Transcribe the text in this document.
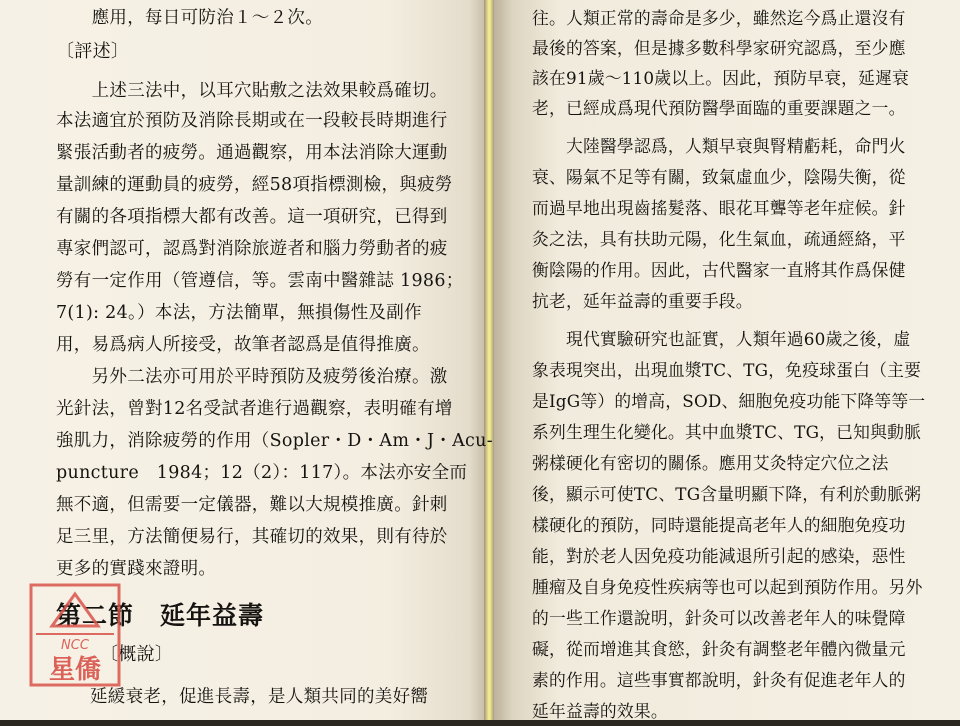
　　應用，每日可防治１～２次。
〔評述〕
　　上述三法中，以耳穴貼敷之法效果較爲確切。
本法適宜於預防及消除長期或在一段較長時期進行
緊張活動者的疲勞。通過觀察，用本法消除大運動
量訓練的運動員的疲勞，經58項指標測檢，與疲勞
有關的各項指標大都有改善。這一項研究，已得到
專家們認可，認爲對消除旅遊者和腦力勞動者的疲
勞有一定作用（管遵信，等。雲南中醫雜誌 1986；
7(1): 24。）本法，方法簡單，無損傷性及副作
用，易爲病人所接受，故筆者認爲是值得推廣。
　　另外二法亦可用於平時預防及疲勞後治療。激
光針法，曾對12名受試者進行過觀察，表明確有增
強肌力，消除疲勞的作用（Sopler・D・Am・J・Acu-
puncture　1984；12（2）：117）。本法亦安全而
無不適，但需要一定儀器，難以大規模推廣。針刺
足三里，方法簡便易行，其確切的效果，則有待於
更多的實踐來證明。
第二節 延年益壽
〔概說〕
延緩衰老，促進長壽，是人類共同的美好嚮
往。人類正常的壽命是多少，雖然迄今爲止還沒有
最後的答案，但是據多數科學家研究認爲，至少應
該在91歲～110歲以上。因此，預防早衰，延遲衰
老，已經成爲現代預防醫學面臨的重要課題之一。
　　大陸醫學認爲，人類早衰與腎精虧耗，命門火
衰、陽氣不足等有關，致氣虛血少，陰陽失衡，從
而過早地出現齒搖髮落、眼花耳聾等老年症候。針
灸之法，具有扶助元陽，化生氣血，疏通經絡，平
衡陰陽的作用。因此，古代醫家一直將其作爲保健
抗老，延年益壽的重要手段。
　　現代實驗研究也証實，人類年過60歲之後，虛
象表現突出，出現血漿TC、TG，免疫球蛋白（主要
是IgG等）的增高，SOD、細胞免疫功能下降等等一
系列生理生化變化。其中血漿TC、TG，已知與動脈
粥樣硬化有密切的關係。應用艾灸特定穴位之法
後，顯示可使TC、TG含量明顯下降，有利於動脈粥
樣硬化的預防，同時還能提高老年人的細胞免疫功
能，對於老人因免疫功能減退所引起的感染，惡性
腫瘤及自身免疫性疾病等也可以起到預防作用。另外
的一些工作還說明，針灸可以改善老年人的味覺障
礙，從而增進其食慾，針灸有調整老年體內微量元
素的作用。這些事實都說明，針灸有促進老年人的
延年益壽的效果。
NCC
星僑
